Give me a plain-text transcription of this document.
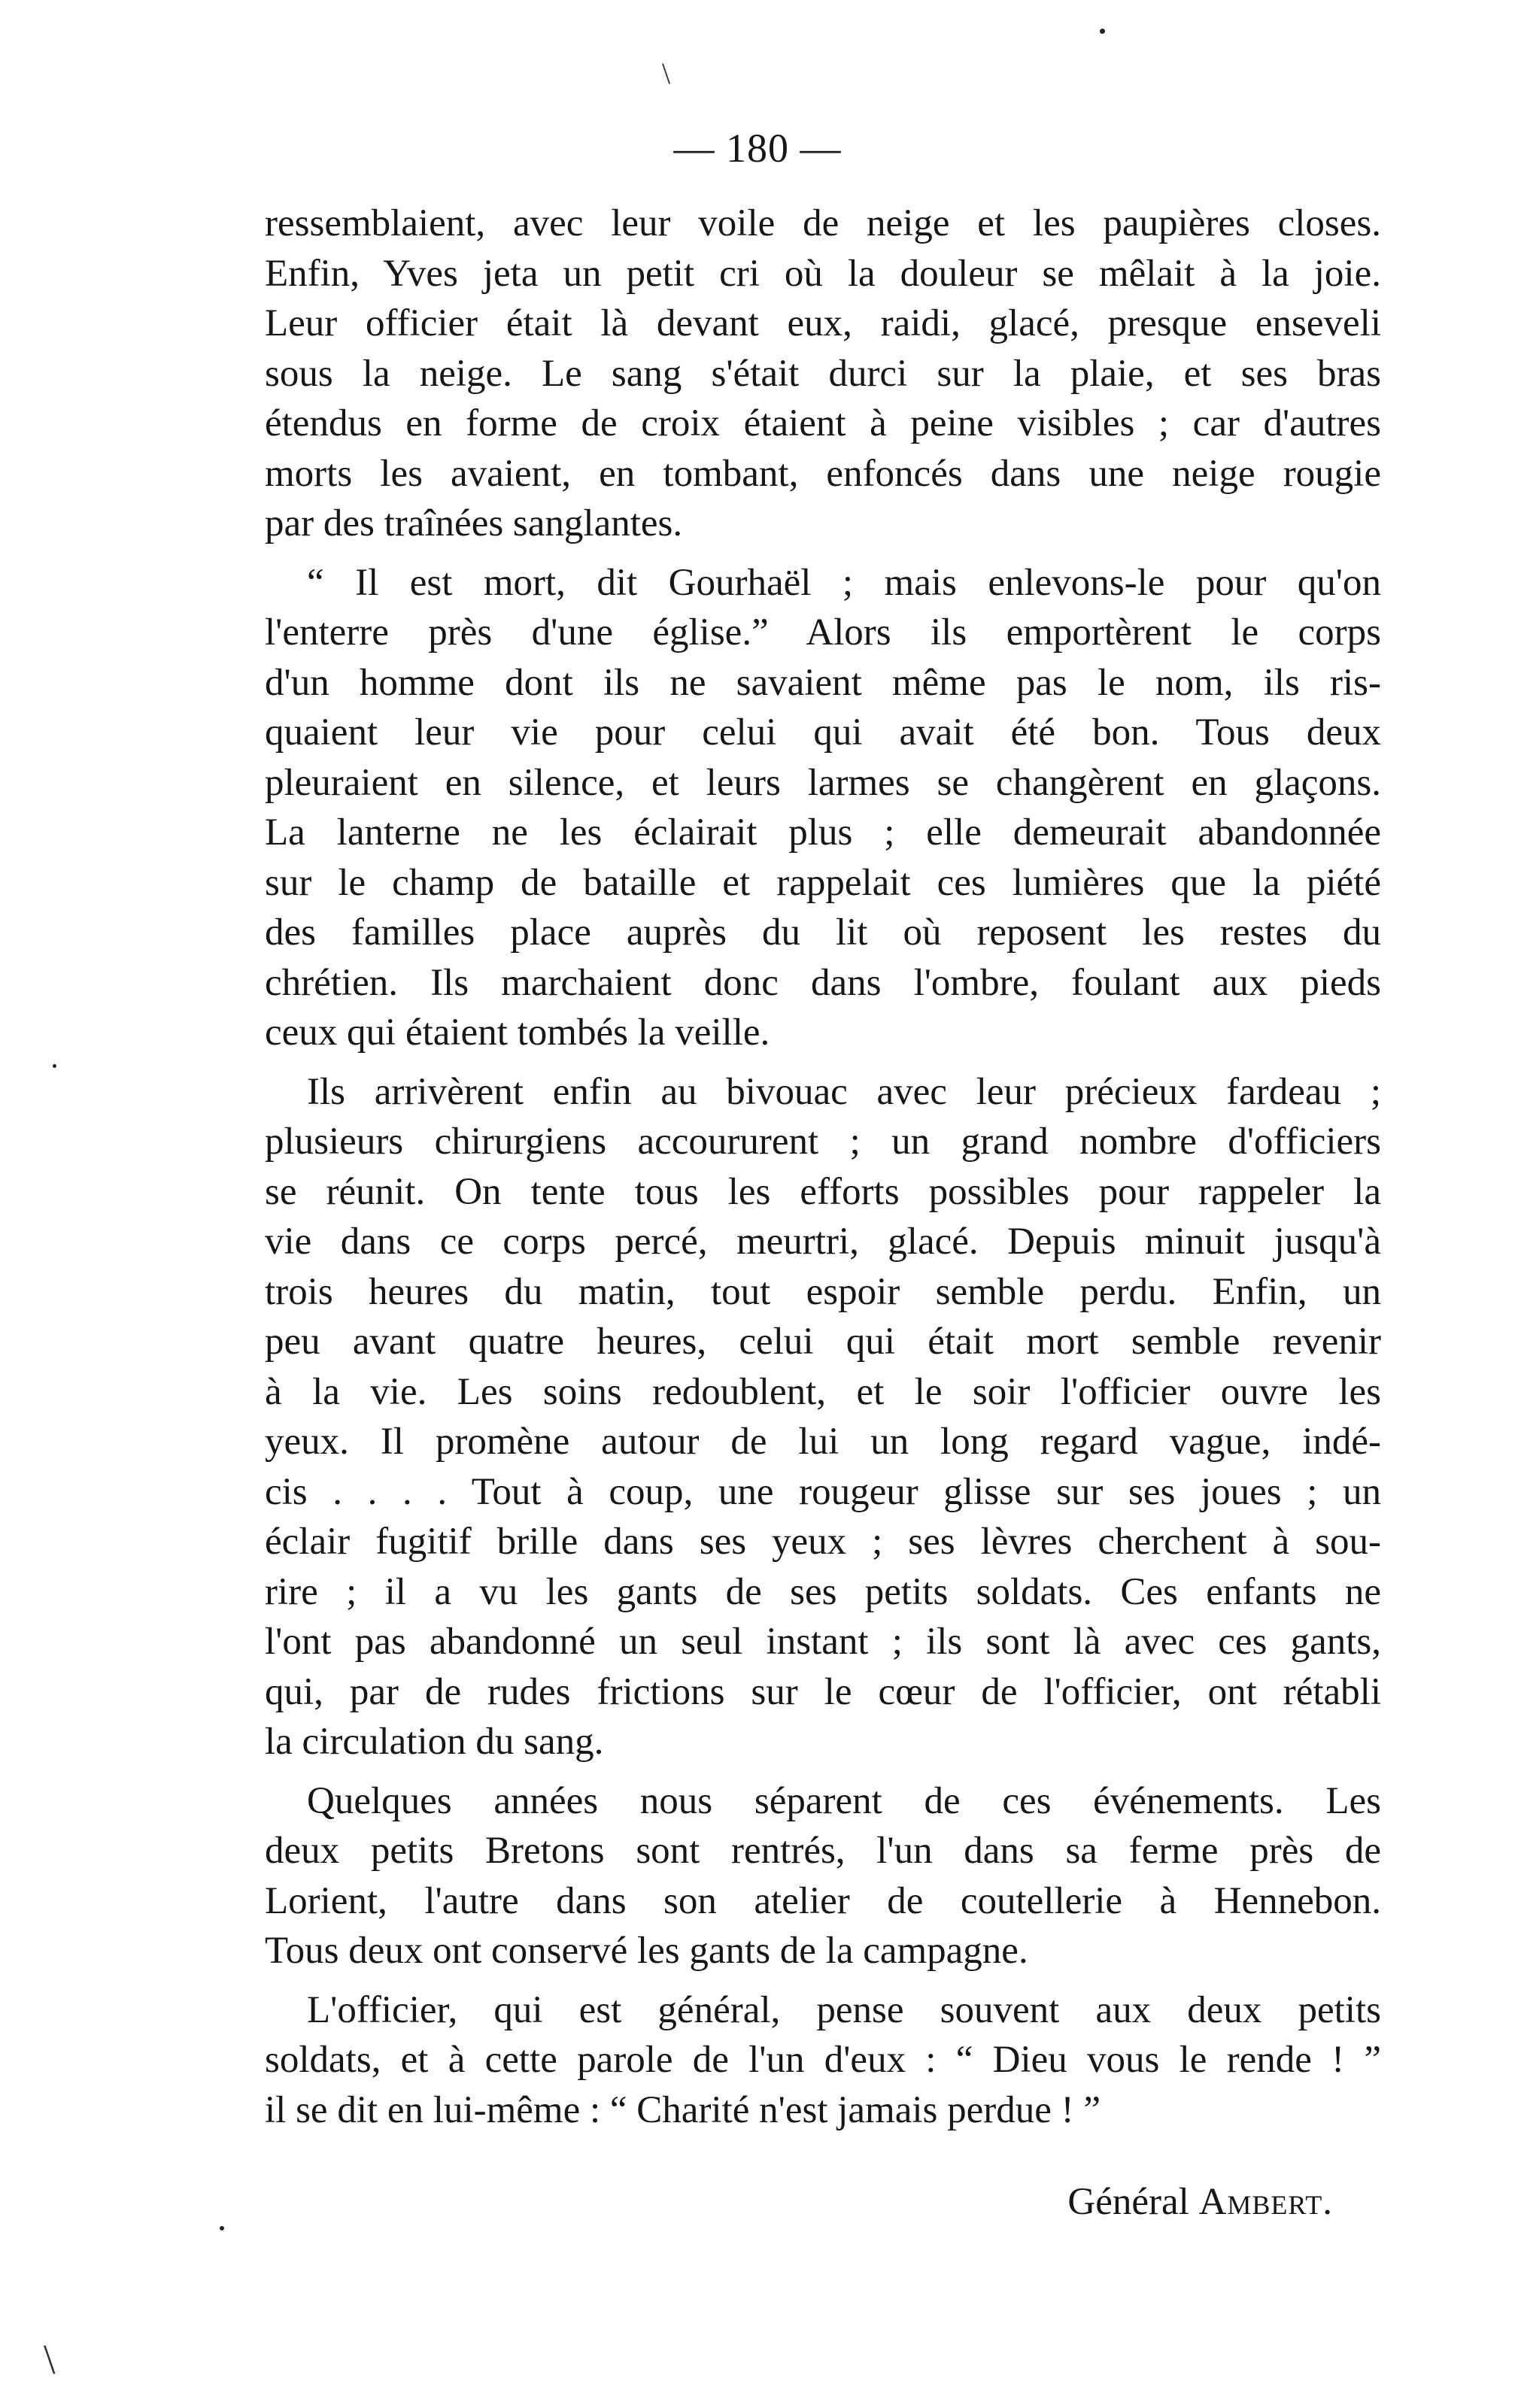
— 180 —
\
\
ressemblaient, avec leur voile de neige et les paupières closes.
Enfin, Yves jeta un petit cri où la douleur se mêlait à la joie.
Leur officier était là devant eux, raidi, glacé, presque enseveli
sous la neige. Le sang s'était durci sur la plaie, et ses bras
étendus en forme de croix étaient à peine visibles ; car d'autres
morts les avaient, en tombant, enfoncés dans une neige rougie
par des traînées sanglantes.
“ Il est mort, dit Gourhaël ; mais enlevons-le pour qu'on
l'enterre près d'une église.” Alors ils emportèrent le corps
d'un homme dont ils ne savaient même pas le nom, ils ris-
quaient leur vie pour celui qui avait été bon. Tous deux
pleuraient en silence, et leurs larmes se changèrent en glaçons.
La lanterne ne les éclairait plus ; elle demeurait abandonnée
sur le champ de bataille et rappelait ces lumières que la piété
des familles place auprès du lit où reposent les restes du
chrétien. Ils marchaient donc dans l'ombre, foulant aux pieds
ceux qui étaient tombés la veille.
Ils arrivèrent enfin au bivouac avec leur précieux fardeau ;
plusieurs chirurgiens accoururent ; un grand nombre d'officiers
se réunit. On tente tous les efforts possibles pour rappeler la
vie dans ce corps percé, meurtri, glacé. Depuis minuit jusqu'à
trois heures du matin, tout espoir semble perdu. Enfin, un
peu avant quatre heures, celui qui était mort semble revenir
à la vie. Les soins redoublent, et le soir l'officier ouvre les
yeux. Il promène autour de lui un long regard vague, indé-
cis . . . . Tout à coup, une rougeur glisse sur ses joues ; un
éclair fugitif brille dans ses yeux ; ses lèvres cherchent à sou-
rire ; il a vu les gants de ses petits soldats. Ces enfants ne
l'ont pas abandonné un seul instant ; ils sont là avec ces gants,
qui, par de rudes frictions sur le cœur de l'officier, ont rétabli
la circulation du sang.
Quelques années nous séparent de ces événements. Les
deux petits Bretons sont rentrés, l'un dans sa ferme près de
Lorient, l'autre dans son atelier de coutellerie à Hennebon.
Tous deux ont conservé les gants de la campagne.
L'officier, qui est général, pense souvent aux deux petits
soldats, et à cette parole de l'un d'eux : “ Dieu vous le rende ! ”
il se dit en lui-même : “ Charité n'est jamais perdue ! ”
Général Ambert.
